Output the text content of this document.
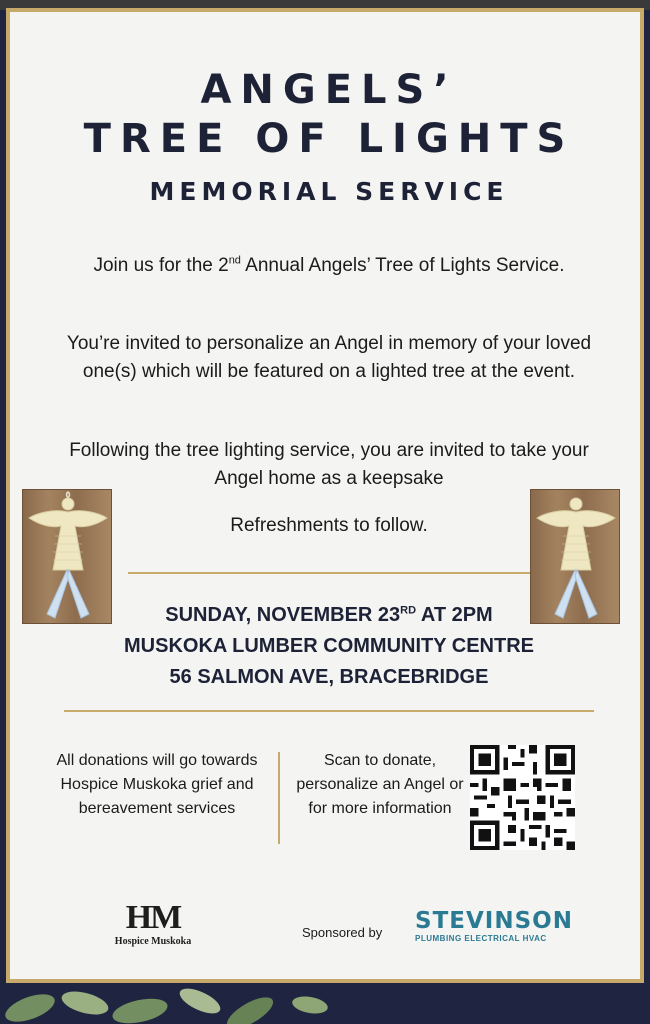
ANGELS’
TREE OF LIGHTS
MEMORIAL SERVICE
Join us for the 2nd Annual Angels’ Tree of Lights Service.
You’re invited to personalize an Angel in memory of your loved one(s) which will be featured on a lighted tree at the event.
Following the tree lighting service, you are invited to take your Angel home as a keepsake
Refreshments to follow.
SUNDAY, NOVEMBER 23RD AT 2PM
MUSKOKA LUMBER COMMUNITY CENTRE
56 SALMON AVE, BRACEBRIDGE
All donations will go towards Hospice Muskoka grief and bereavement services
Scan to donate, personalize an Angel or for more information
HM
Hospice Muskoka
Sponsored by STEVINSON
PLUMBING ELECTRICAL HVAC
